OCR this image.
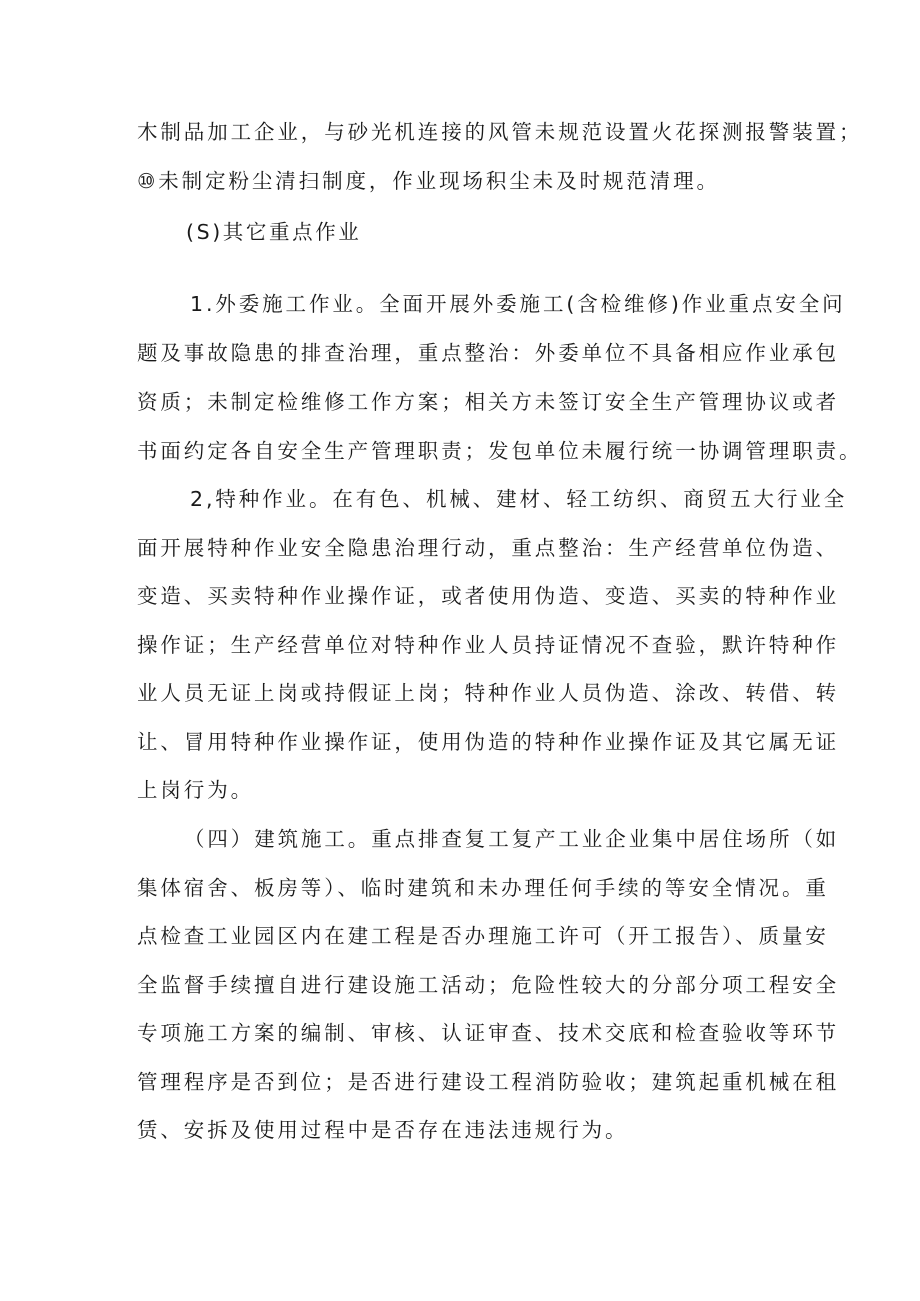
木制品加工企业，与砂光机连接的风管未规范设置火花探测报警装置；
⑩未制定粉尘清扫制度，作业现场积尘未及时规范清理。
(S)其它重点作业
1.外委施工作业。全面开展外委施工(含检维修)作业重点安全问
题及事故隐患的排查治理，重点整治：外委单位不具备相应作业承包
资质；未制定检维修工作方案；相关方未签订安全生产管理协议或者
书面约定各自安全生产管理职责；发包单位未履行统一协调管理职责。
2,特种作业。在有色、机械、建材、轻工纺织、商贸五大行业全
面开展特种作业安全隐患治理行动，重点整治：生产经营单位伪造、
变造、买卖特种作业操作证，或者使用伪造、变造、买卖的特种作业
操作证；生产经营单位对特种作业人员持证情况不查验，默许特种作
业人员无证上岗或持假证上岗；特种作业人员伪造、涂改、转借、转
让、冒用特种作业操作证，使用伪造的特种作业操作证及其它属无证
上岗行为。
（四）建筑施工。重点排查复工复产工业企业集中居住场所（如
集体宿舍、板房等）、临时建筑和未办理任何手续的等安全情况。重
点检查工业园区内在建工程是否办理施工许可（开工报告）、质量安
全监督手续擅自进行建设施工活动；危险性较大的分部分项工程安全
专项施工方案的编制、审核、认证审查、技术交底和检查验收等环节
管理程序是否到位；是否进行建设工程消防验收；建筑起重机械在租
赁、安拆及使用过程中是否存在违法违规行为。
